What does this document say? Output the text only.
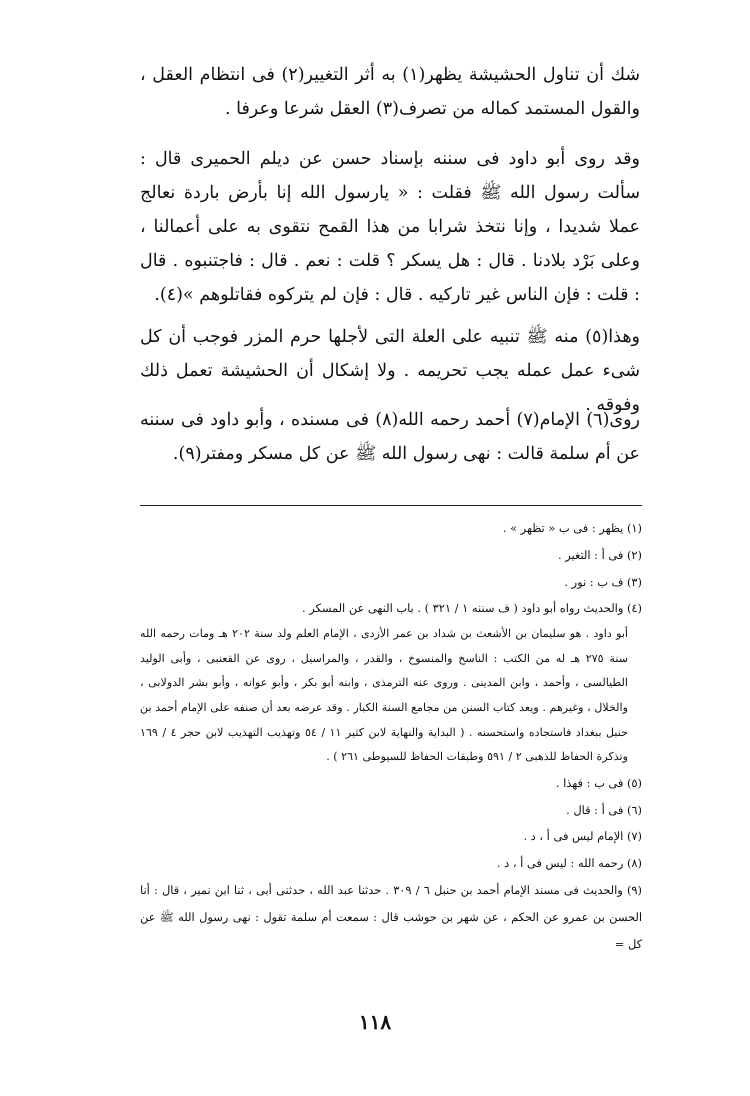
شك أن تناول الحشيشة يظهر(١) به أثر التغيير(٢) فى انتظام العقل ، والقول المستمد كماله من تصرف(٣) العقل شرعا وعرفا .

وقد روى أبو داود فى سننه بإسناد حسن عن ديلم الحميرى قال : سألت رسول الله ﷺ فقلت : « يارسول الله إنا بأرض باردة نعالج عملا شديدا ، وإنا نتخذ شرابا من هذا القمح نتقوى به على أعمالنا ، وعلى بَرْد بلادنا . قال : هل يسكر ؟ قلت : نعم . قال : فاجتنبوه . قال : قلت : فإن الناس غير تاركيه . قال : فإن لم يتركوه فقاتلوهم »(٤).

وهذا(٥) منه ﷺ تنبيه على العلة التى لأجلها حرم المزر فوجب أن كل شىء عمل عمله يجب تحريمه . ولا إشكال أن الحشيشة تعمل ذلك وفوقه .

روى(٦) الإمام(٧) أحمد رحمه الله(٨) فى مسنده ، وأبو داود فى سننه عن أم سلمة قالت : نهى رسول الله ﷺ عن كل مسكر ومفتر(٩).

(١) يظهر : فى ب « تظهر » .

(٢) فى أ : التغير .

(٣) ف ب : نور .

(٤) والحديث رواه أبو داود ( ف سننه ١ / ٣٢١ ) . باب النهى عن المسكر .

أبو داود . هو سليمان بن الأشعث بن شداد بن عمر الأزدى ، الإمام العلم ولد سنة ٢٠٢ هـ ومات رحمه الله سنة ٢٧٥ هـ له من الكتب : الناسخ والمنسوخ ، والقدر ، والمراسيل ، روى عن القعنبى ، وأبى الوليد الطيالسى ، وأحمد ، وابن المدينى . وروى عنه الترمذى ، وابنه أبو بكر ، وأبو عوانه ، وأبو بشر الدولابى ، والخلال ، وغيرهم . ويعد كتاب السنن من مجامع السنة الكبار . وقد عرضه بعد أن صنفه على الإمام أحمد بن حنبل ببغداد فاستجاده واستحسنه . ( البداية والنهاية لابن كثير ١١ / ٥٤ وتهذيب التهذيب لابن حجر ٤ / ١٦٩ وتذكرة الحفاظ للذهبى ٢ / ٥٩١ وطبقات الحفاظ للسيوطى ٢٦١ ) .

(٥) فى ب : فهذا .

(٦) فى أ : قال .

(٧) الإمام ليس فى أ ، د .

(٨) رحمه الله : ليس فى أ ، د .

(٩) والحديث فى مسند الإمام أحمد بن حنبل ٦ / ٣٠٩ . حدثنا عبد الله ، حدثنى أبى ، ثنا ابن نمير ، قال : أنا الحسن بن عمرو عن الحكم ، عن شهر بن حوشب قال : سمعت أم سلمة تقول : نهى رسول الله ﷺ عن كل =

١١٨
